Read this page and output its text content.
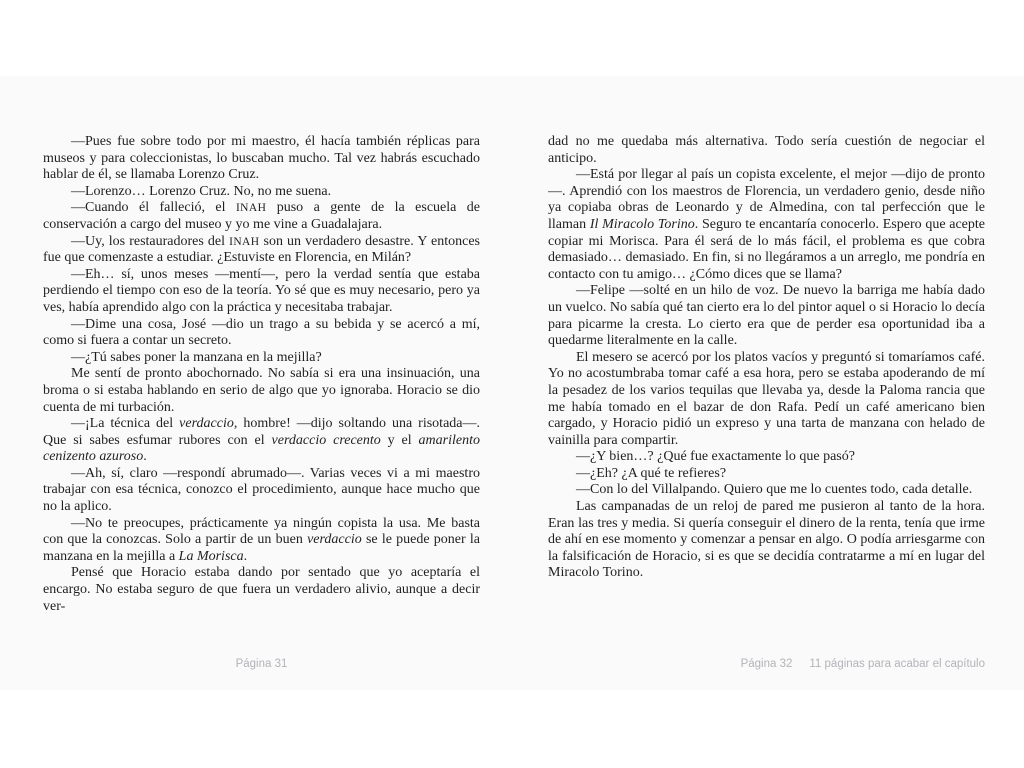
—Pues fue sobre todo por mi maestro, él hacía también réplicas para museos y para coleccionistas, lo buscaban mucho. Tal vez habrás escuchado hablar de él, se llamaba Lorenzo Cruz.

—Lorenzo… Lorenzo Cruz. No, no me suena.

—Cuando él falleció, el INAH puso a gente de la escuela de conservación a cargo del museo y yo me vine a Guadalajara.

—Uy, los restauradores del INAH son un verdadero desastre. Y entonces fue que comenzaste a estudiar. ¿Estuviste en Florencia, en Milán?

—Eh… sí, unos meses —mentí—, pero la verdad sentía que estaba perdiendo el tiempo con eso de la teoría. Yo sé que es muy necesario, pero ya ves, había aprendido algo con la práctica y necesitaba trabajar.

—Dime una cosa, José —dio un trago a su bebida y se acercó a mí, como si fuera a contar un secreto.

—¿Tú sabes poner la manzana en la mejilla?

Me sentí de pronto abochornado. No sabía si era una insinuación, una broma o si estaba hablando en serio de algo que yo ignoraba. Horacio se dio cuenta de mi turbación.

—¡La técnica del verdaccio, hombre! —dijo soltando una risotada—. Que si sabes esfumar rubores con el verdaccio crecento y el amarilento cenizento azuroso.

—Ah, sí, claro —respondí abrumado—. Varias veces vi a mi maestro trabajar con esa técnica, conozco el procedimiento, aunque hace mucho que no la aplico.

—No te preocupes, prácticamente ya ningún copista la usa. Me basta con que la conozcas. Solo a partir de un buen verdaccio se le puede poner la manzana en la mejilla a La Morisca.

Pensé que Horacio estaba dando por sentado que yo aceptaría el encargo. No estaba seguro de que fuera un verdadero alivio, aunque a decir ver-

dad no me quedaba más alternativa. Todo sería cuestión de negociar el anticipo.

—Está por llegar al país un copista excelente, el mejor —dijo de pronto—. Aprendió con los maestros de Florencia, un verdadero genio, desde niño ya copiaba obras de Leonardo y de Almedina, con tal perfección que le llaman Il Miracolo Torino. Seguro te encantaría conocerlo. Espero que acepte copiar mi Morisca. Para él será de lo más fácil, el problema es que cobra demasiado… demasiado. En fin, si no llegáramos a un arreglo, me pondría en contacto con tu amigo… ¿Cómo dices que se llama?

—Felipe —solté en un hilo de voz. De nuevo la barriga me había dado un vuelco. No sabía qué tan cierto era lo del pintor aquel o si Horacio lo decía para picarme la cresta. Lo cierto era que de perder esa oportunidad iba a quedarme literalmente en la calle.

El mesero se acercó por los platos vacíos y preguntó si tomaríamos café. Yo no acostumbraba tomar café a esa hora, pero se estaba apoderando de mí la pesadez de los varios tequilas que llevaba ya, desde la Paloma rancia que me había tomado en el bazar de don Rafa. Pedí un café americano bien cargado, y Horacio pidió un expreso y una tarta de manzana con helado de vainilla para compartir.

—¿Y bien…? ¿Qué fue exactamente lo que pasó?

—¿Eh? ¿A qué te refieres?

—Con lo del Villalpando. Quiero que me lo cuentes todo, cada detalle.

Las campanadas de un reloj de pared me pusieron al tanto de la hora. Eran las tres y media. Si quería conseguir el dinero de la renta, tenía que irme de ahí en ese momento y comenzar a pensar en algo. O podía arriesgarme con la falsificación de Horacio, si es que se decidía contratarme a mí en lugar del Miracolo Torino.

Página 31	Página 32	11 páginas para acabar el capítulo
